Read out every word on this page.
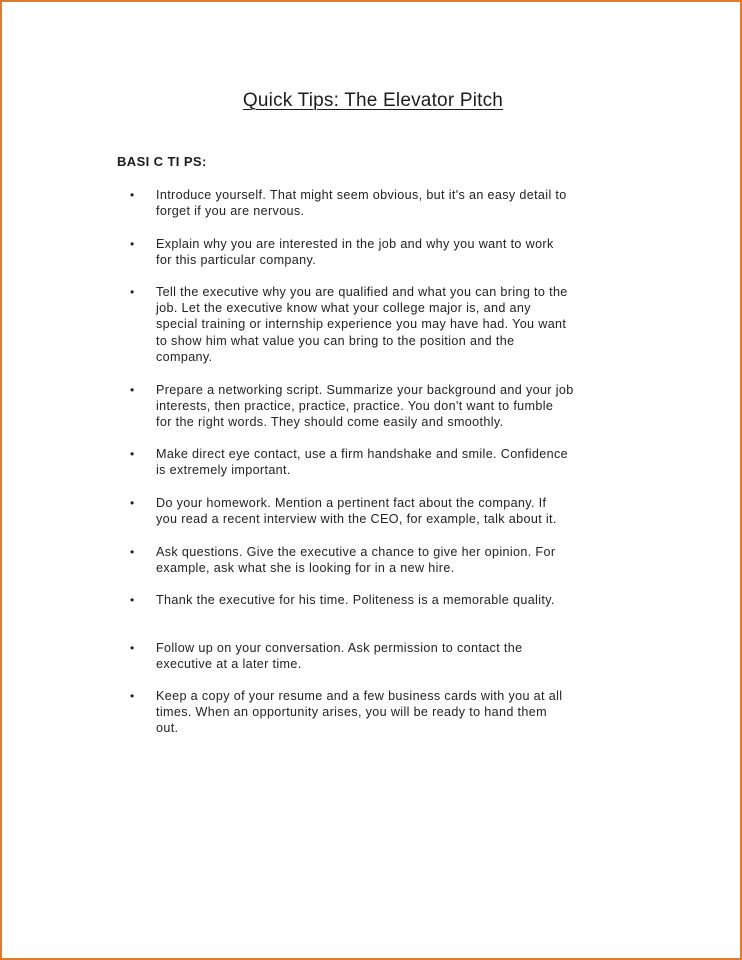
Quick Tips: The Elevator Pitch
BASI C TI PS:
•	Introduce yourself. That might seem obvious, but it's an easy detail to
forget if you are nervous.
•	Explain why you are interested in the job and why you want to work
for this particular company.
•	Tell the executive why you are qualified and what you can bring to the
job. Let the executive know what your college major is, and any
special training or internship experience you may have had. You want
to show him what value you can bring to the position and the
company.
•	Prepare a networking script. Summarize your background and your job
interests, then practice, practice, practice. You don't want to fumble
for the right words. They should come easily and smoothly.
•	Make direct eye contact, use a firm handshake and smile. Confidence
is extremely important.
•	Do your homework. Mention a pertinent fact about the company. If
you read a recent interview with the CEO, for example, talk about it.
•	Ask questions. Give the executive a chance to give her opinion. For
example, ask what she is looking for in a new hire.
•	Thank the executive for his time. Politeness is a memorable quality.
•	Follow up on your conversation. Ask permission to contact the
executive at a later time.
•	Keep a copy of your resume and a few business cards with you at all
times. When an opportunity arises, you will be ready to hand them
out.
